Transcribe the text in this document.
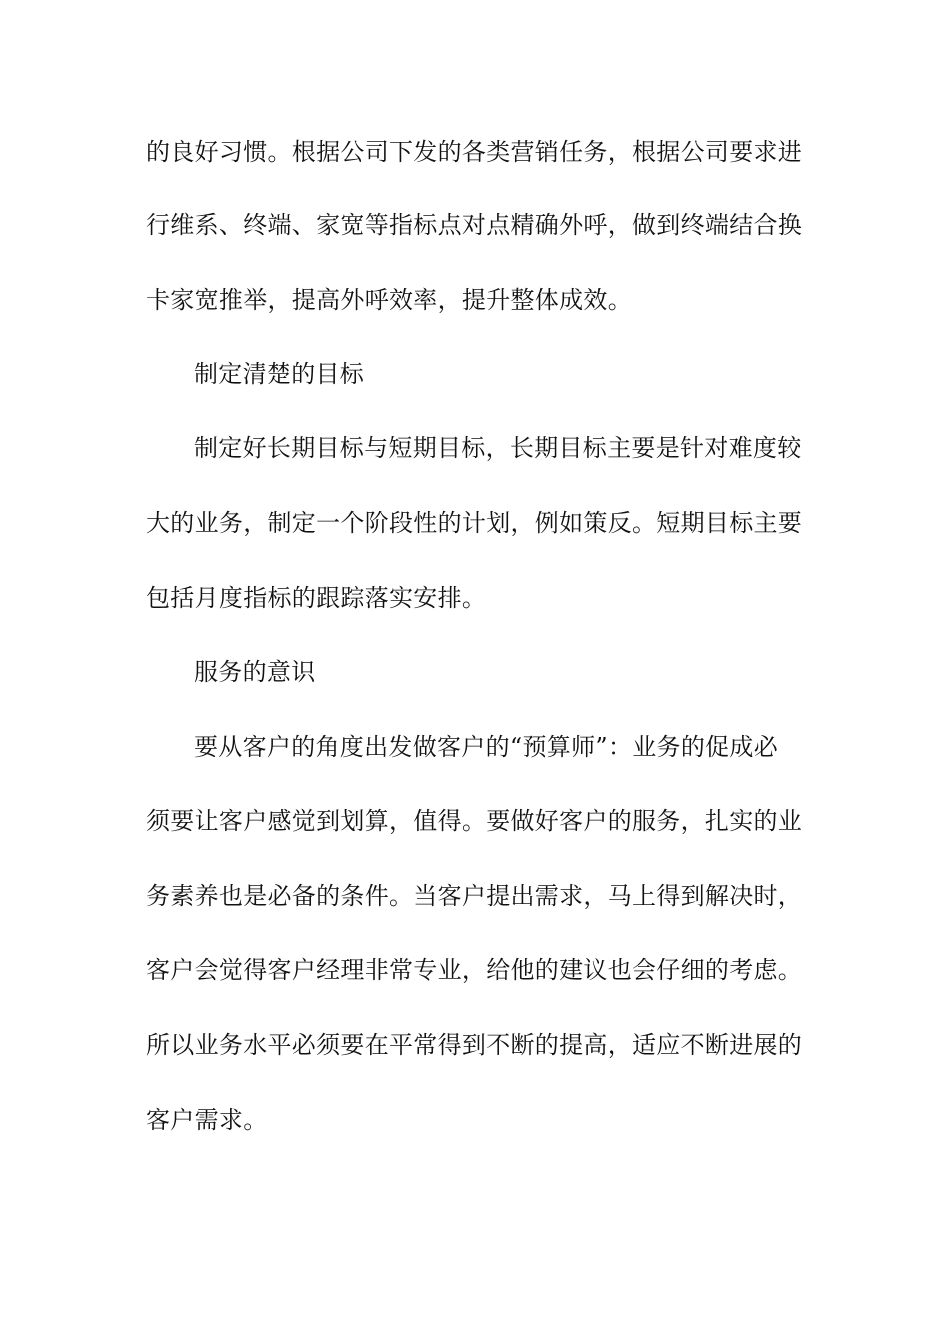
的良好习惯。根据公司下发的各类营销任务，根据公司要求进
行维系、终端、家宽等指标点对点精确外呼，做到终端结合换
卡家宽推举，提高外呼效率，提升整体成效。
制定清楚的目标
制定好长期目标与短期目标，长期目标主要是针对难度较
大的业务，制定一个阶段性的计划，例如策反。短期目标主要
包括月度指标的跟踪落实安排。
服务的意识
要从客户的角度出发做客户的“预算师”：业务的促成必
须要让客户感觉到划算，值得。要做好客户的服务，扎实的业
务素养也是必备的条件。当客户提出需求，马上得到解决时，
客户会觉得客户经理非常专业，给他的建议也会仔细的考虑。
所以业务水平必须要在平常得到不断的提高，适应不断进展的
客户需求。
